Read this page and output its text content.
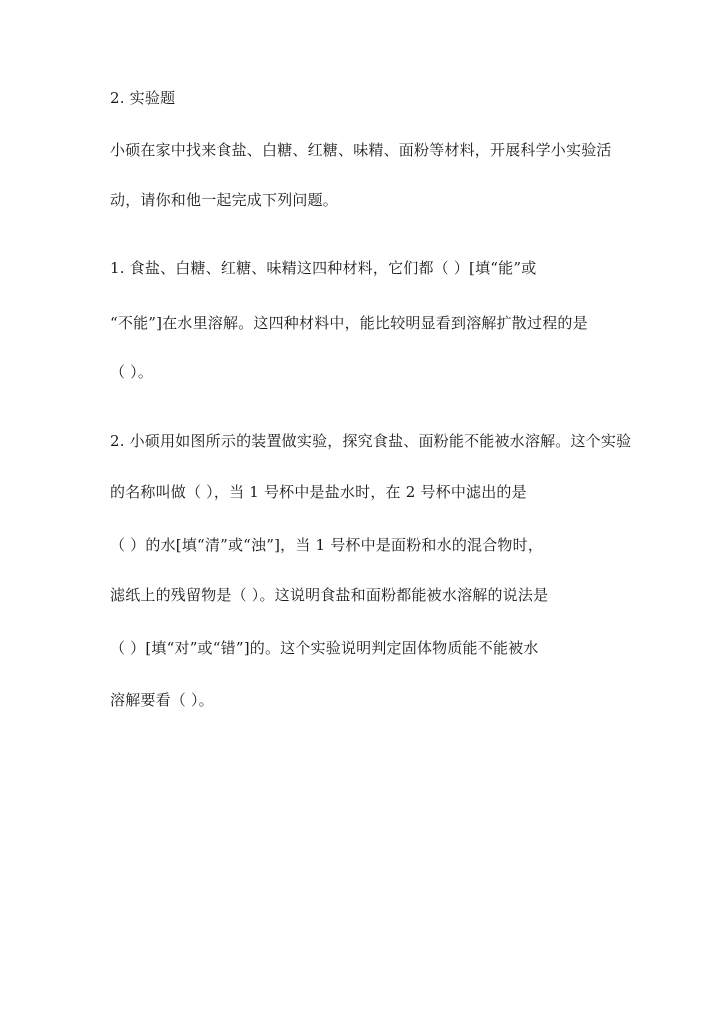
2. 实验题
小硕在家中找来食盐、白糖、红糖、味精、面粉等材料，开展科学小实验活
动，请你和他一起完成下列问题。
1. 食盐、白糖、红糖、味精这四种材料，它们都（ ）[填“能”或
“不能”]在水里溶解。这四种材料中，能比较明显看到溶解扩散过程的是
（ ）。
2. 小硕用如图所示的装置做实验，探究食盐、面粉能不能被水溶解。这个实验
的名称叫做（ ），当 1 号杯中是盐水时，在 2 号杯中滤出的是
（ ）的水[填“清”或“浊”]，当 1 号杯中是面粉和水的混合物时，
滤纸上的残留物是（ ）。这说明食盐和面粉都能被水溶解的说法是
（ ）[填“对”或“错”]的。这个实验说明判定固体物质能不能被水
溶解要看（ ）。
